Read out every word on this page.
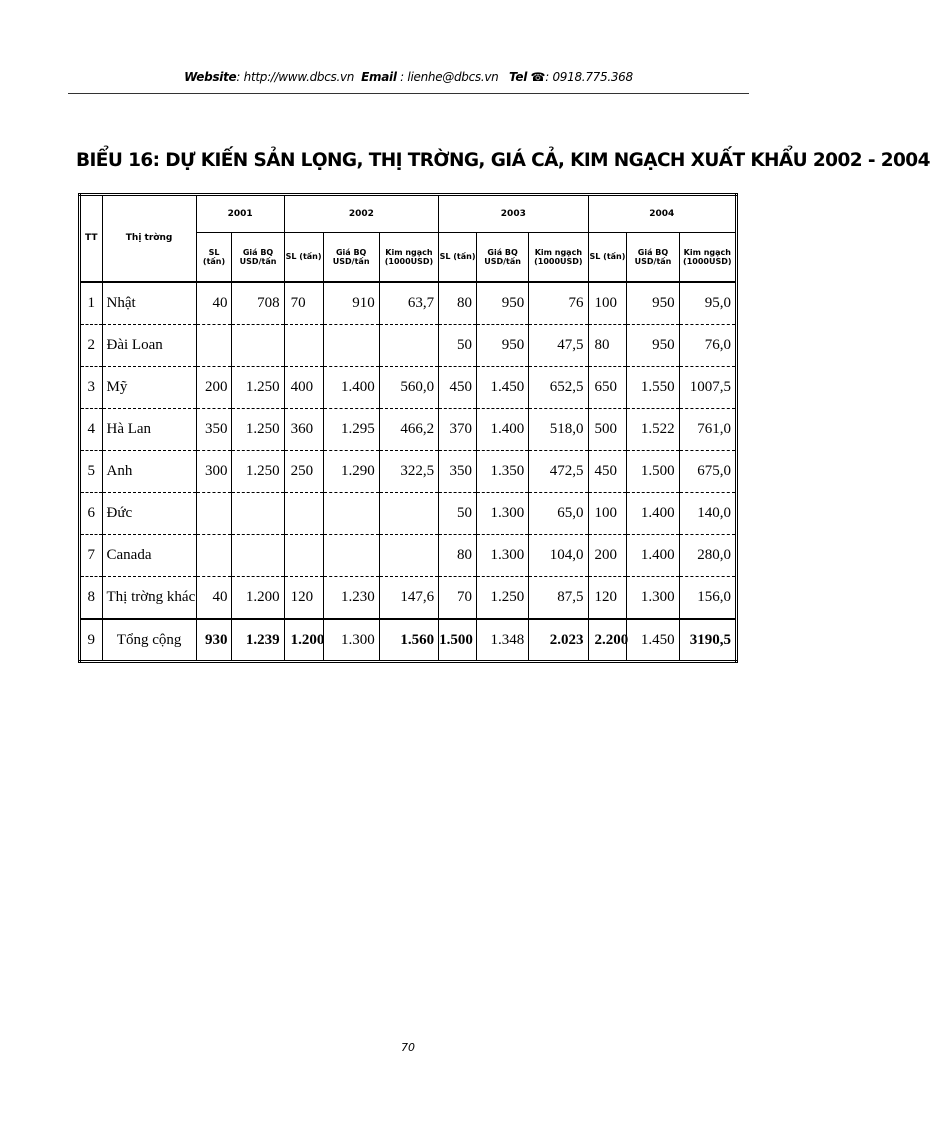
Website: http://www.dbcs.vn Email : lienhe@dbcs.vn Tel ☎: 0918.775.368
BIỂU 16: DỰ KIẾN SẢN LỌNG, THỊ TRỜNG, GIÁ CẢ, KIM NGẠCH XUẤT KHẨU 2002 - 2004
TT	Thị trờng	2001		2002			2003			2004		
		SL (tấn)	Giá BQ USD/tấn	SL (tấn)	Giá BQ USD/tấn	Kim ngạch (1000USD)	SL (tấn)	Giá BQ USD/tấn	Kim ngạch (1000USD)	SL (tấn)	Giá BQ USD/tấn	Kim ngạch (1000USD)
1	Nhật	40	708	70	910	63,7	80	950	76	100	950	95,0
2	Đài Loan						50	950	47,5	80	950	76,0
3	Mỹ	200	1.250	400	1.400	560,0	450	1.450	652,5	650	1.550	1007,5
4	Hà Lan	350	1.250	360	1.295	466,2	370	1.400	518,0	500	1.522	761,0
5	Anh	300	1.250	250	1.290	322,5	350	1.350	472,5	450	1.500	675,0
6	Đức						50	1.300	65,0	100	1.400	140,0
7	Canada						80	1.300	104,0	200	1.400	280,0
8	Thị trờng khác	40	1.200	120	1.230	147,6	70	1.250	87,5	120	1.300	156,0
9	Tổng cộng	930	1.239	1.200	1.300	1.560	1.500	1.348	2.023	2.200	1.450	3190,5
70
